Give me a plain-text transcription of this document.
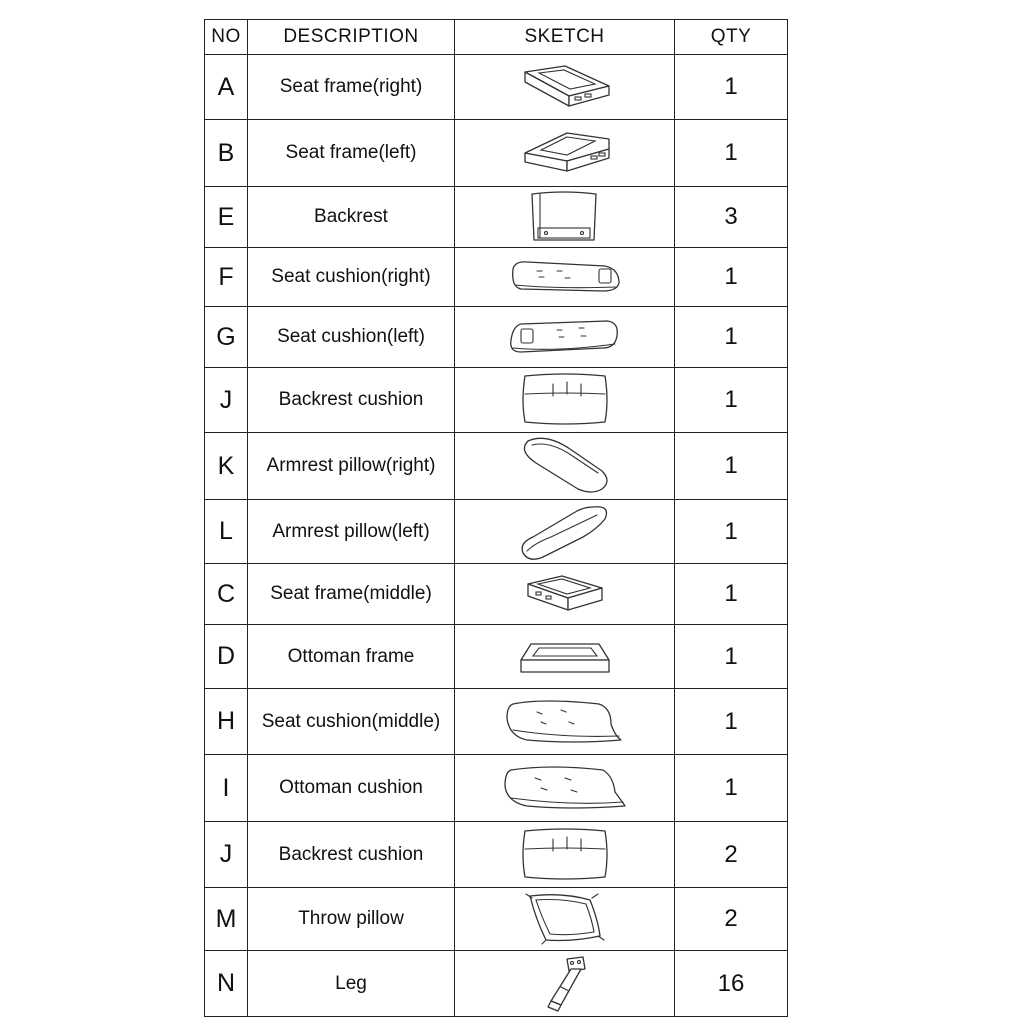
NO	DESCRIPTION	SKETCH	QTY
A	Seat frame(right)		1
B	Seat frame(left)		1
E	Backrest		3
F	Seat cushion(right)		1
G	Seat cushion(left)		1
J	Backrest cushion		1
K	Armrest pillow(right)		1
L	Armrest pillow(left)		1
C	Seat frame(middle)		1
D	Ottoman frame		1
H	Seat cushion(middle)		1
I	Ottoman cushion		1
J	Backrest cushion		2
M	Throw pillow		2
N	Leg		16
